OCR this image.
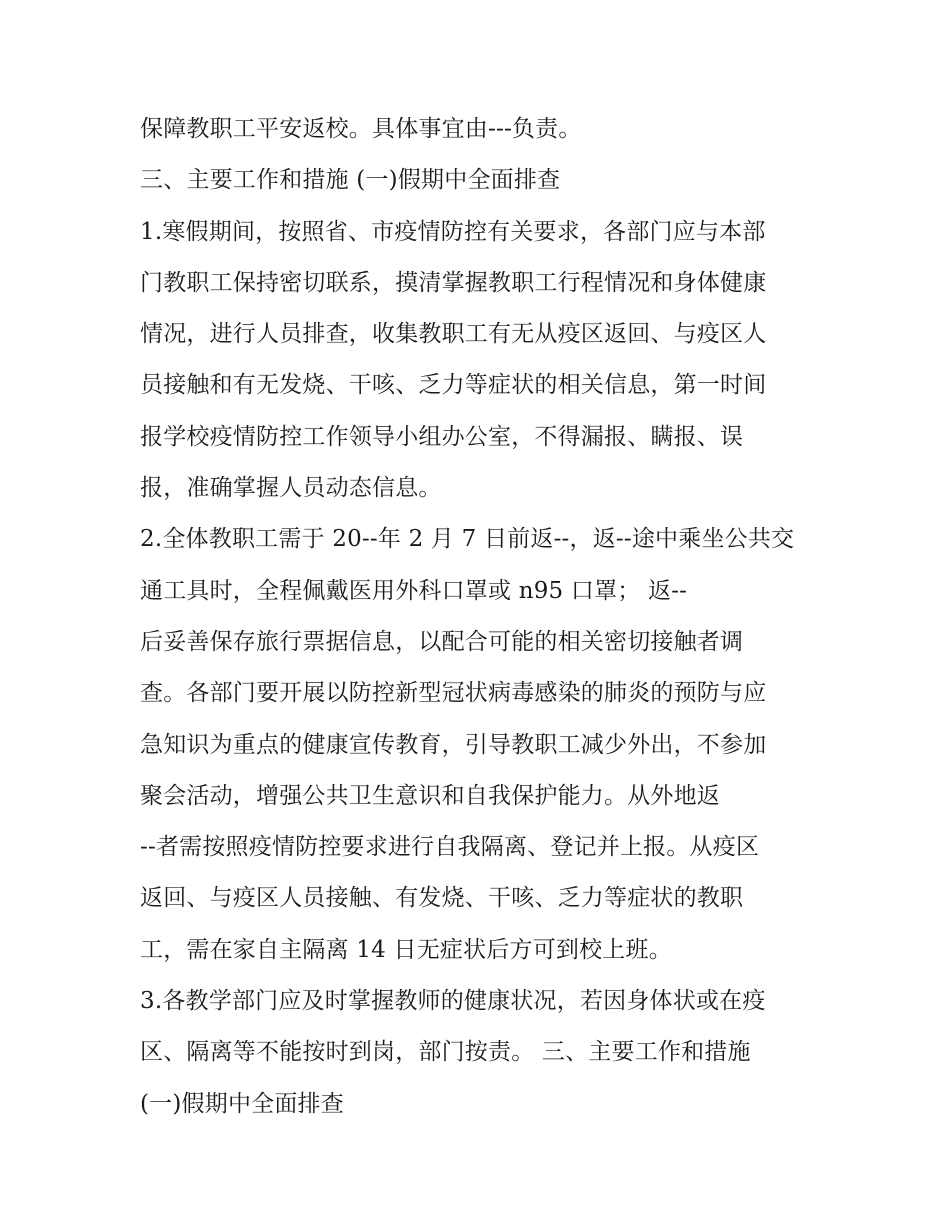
保障教职工平安返校。具体事宜由---负责。
三、主要工作和措施 (一)假期中全面排查
1.寒假期间，按照省、市疫情防控有关要求，各部门应与本部
门教职工保持密切联系，摸清掌握教职工行程情况和身体健康
情况，进行人员排查，收集教职工有无从疫区返回、与疫区人
员接触和有无发烧、干咳、乏力等症状的相关信息，第一时间
报学校疫情防控工作领导小组办公室，不得漏报、瞒报、误
报，准确掌握人员动态信息。
2.全体教职工需于 20--年 2 月 7 日前返--，返--途中乘坐公共交
通工具时，全程佩戴医用外科口罩或 n95 口罩； 返--
后妥善保存旅行票据信息，以配合可能的相关密切接触者调
查。各部门要开展以防控新型冠状病毒感染的肺炎的预防与应
急知识为重点的健康宣传教育，引导教职工减少外出，不参加
聚会活动，增强公共卫生意识和自我保护能力。从外地返
--者需按照疫情防控要求进行自我隔离、登记并上报。从疫区
返回、与疫区人员接触、有发烧、干咳、乏力等症状的教职
工，需在家自主隔离 14 日无症状后方可到校上班。
3.各教学部门应及时掌握教师的健康状况，若因身体状或在疫
区、隔离等不能按时到岗，部门按责。 三、主要工作和措施
(一)假期中全面排查
